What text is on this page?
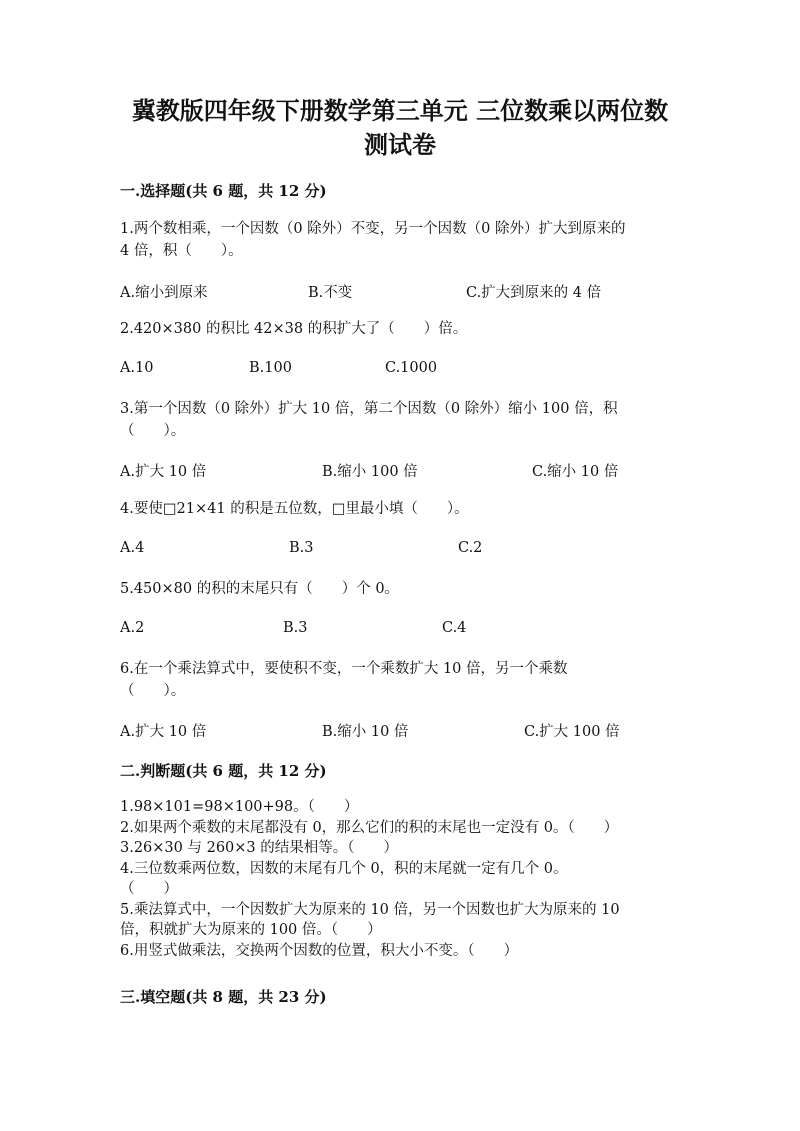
冀教版四年级下册数学第三单元 三位数乘以两位数
测试卷
一.选择题(共 6 题，共 12 分)
1.两个数相乘，一个因数（0 除外）不变，另一个因数（0 除外）扩大到原来的
4 倍，积（　　）。
A.缩小到原来	B.不变	C.扩大到原来的 4 倍
2.420×380 的积比 42×38 的积扩大了（　　）倍。
A.10	B.100	C.1000
3.第一个因数（0 除外）扩大 10 倍，第二个因数（0 除外）缩小 100 倍，积
（　　）。
A.扩大 10 倍	B.缩小 100 倍	C.缩小 10 倍
4.要使□21×41 的积是五位数，□里最小填（　　）。
A.4	B.3	C.2
5.450×80 的积的末尾只有（　　）个 0。
A.2	B.3	C.4
6.在一个乘法算式中，要使积不变，一个乘数扩大 10 倍，另一个乘数
（　　）。
A.扩大 10 倍	B.缩小 10 倍	C.扩大 100 倍
二.判断题(共 6 题，共 12 分)
1.98×101=98×100+98。（　　）
2.如果两个乘数的末尾都没有 0，那么它们的积的末尾也一定没有 0。（　　）
3.26×30 与 260×3 的结果相等。（　　）
4.三位数乘两位数，因数的末尾有几个 0，积的末尾就一定有几个 0。
（　　）
5.乘法算式中，一个因数扩大为原来的 10 倍，另一个因数也扩大为原来的 10
倍，积就扩大为原来的 100 倍。（　　）
6.用竖式做乘法，交换两个因数的位置，积大小不变。（　　）
三.填空题(共 8 题，共 23 分)
